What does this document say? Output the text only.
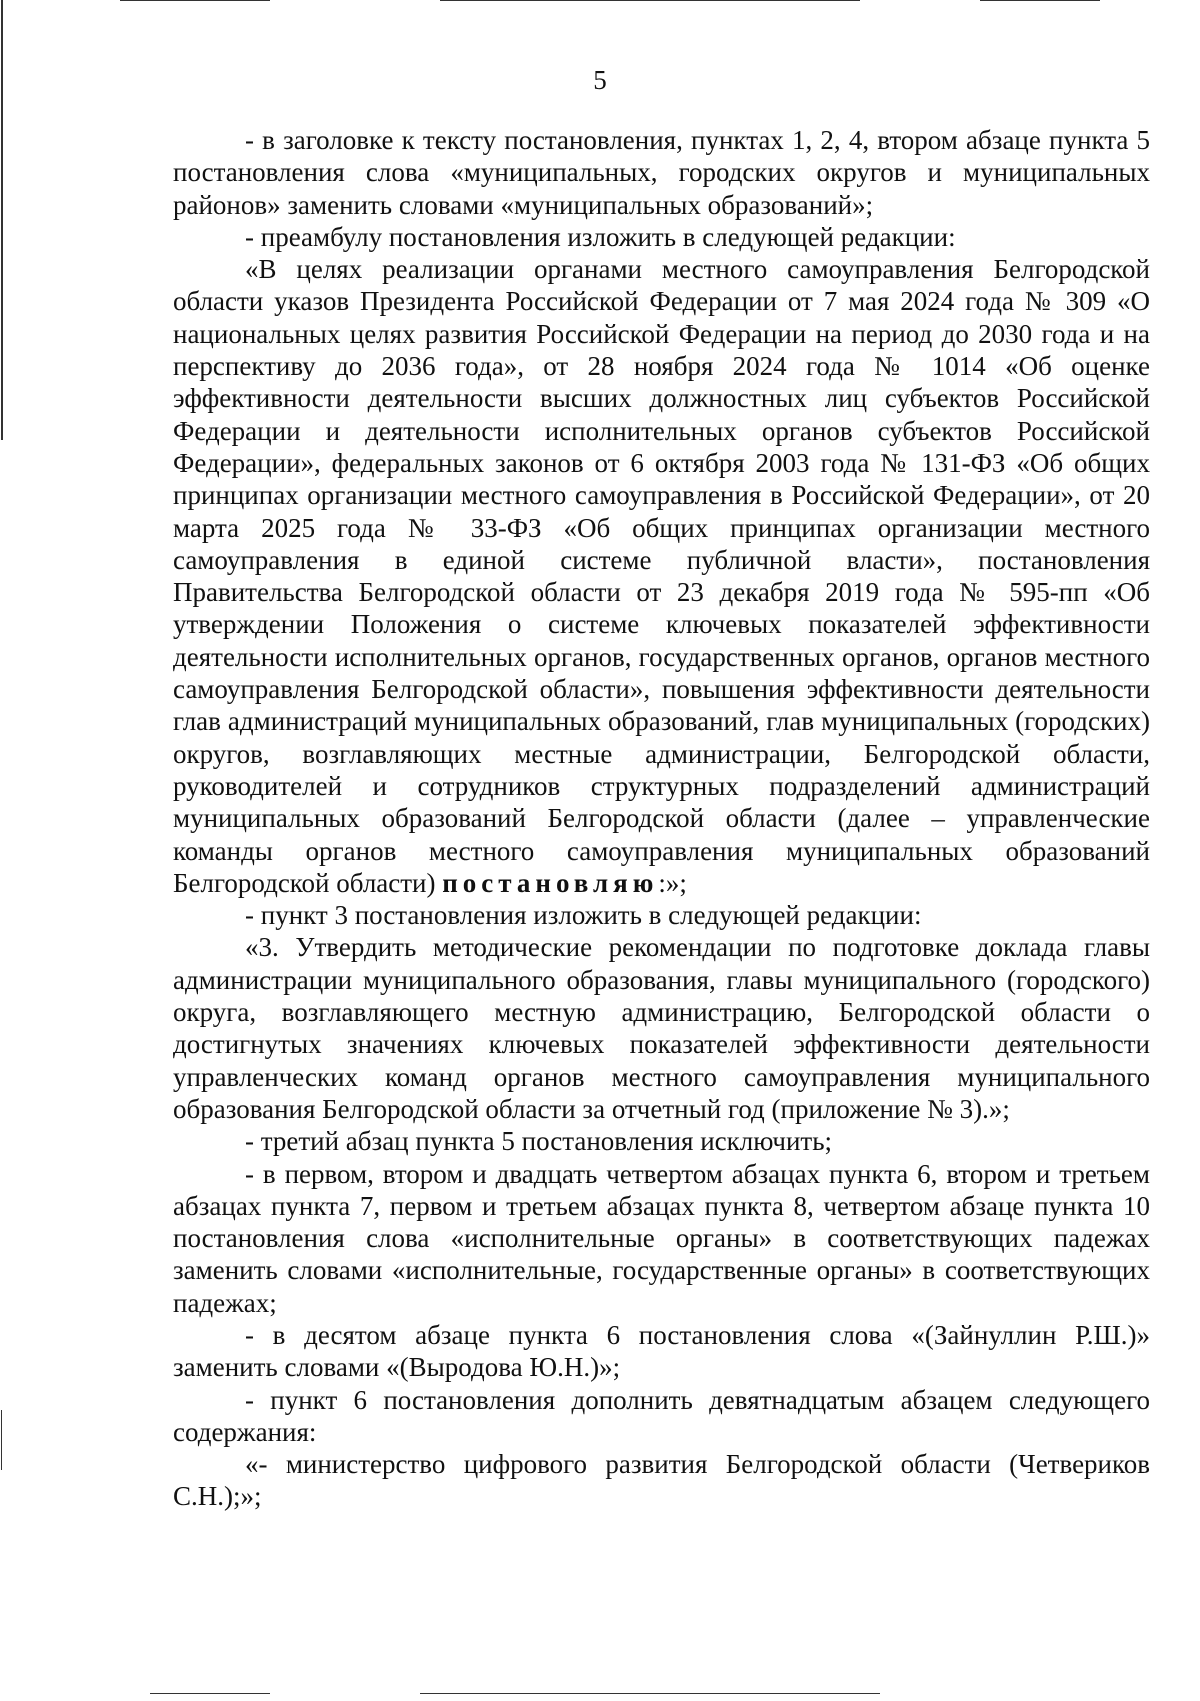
5

- в заголовке к тексту постановления, пунктах 1, 2, 4, втором абзаце пункта 5 постановления слова «муниципальных, городских округов и муниципальных районов» заменить словами «муниципальных образований»;

- преамбулу постановления изложить в следующей редакции:

«В целях реализации органами местного самоуправления Белгородской области указов Президента Российской Федерации от 7 мая 2024 года № 309 «О национальных целях развития Российской Федерации на период до 2030 года и на перспективу до 2036 года», от 28 ноября 2024 года № 1014 «Об оценке эффективности деятельности высших должностных лиц субъектов Российской Федерации и деятельности исполнительных органов субъектов Российской Федерации», федеральных законов от 6 октября 2003 года № 131-ФЗ «Об общих принципах организации местного самоуправления в Российской Федерации», от 20 марта 2025 года № 33-ФЗ «Об общих принципах организации местного самоуправления в единой системе публичной власти», постановления Правительства Белгородской области от 23 декабря 2019 года № 595-пп «Об утверждении Положения о системе ключевых показателей эффективности деятельности исполнительных органов, государственных органов, органов местного самоуправления Белгородской области», повышения эффективности деятельности глав администраций муниципальных образований, глав муниципальных (городских) округов, возглавляющих местные администрации, Белгородской области, руководителей и сотрудников структурных подразделений администраций муниципальных образований Белгородской области (далее – управленческие команды органов местного самоуправления муниципальных образований Белгородской области) постановляю:»;

- пункт 3 постановления изложить в следующей редакции:

«3. Утвердить методические рекомендации по подготовке доклада главы администрации муниципального образования, главы муниципального (городского) округа, возглавляющего местную администрацию, Белгородской области о достигнутых значениях ключевых показателей эффективности деятельности управленческих команд органов местного самоуправления муниципального образования Белгородской области за отчетный год (приложение № 3).»;

- третий абзац пункта 5 постановления исключить;

- в первом, втором и двадцать четвертом абзацах пункта 6, втором и третьем абзацах пункта 7, первом и третьем абзацах пункта 8, четвертом абзаце пункта 10 постановления слова «исполнительные органы» в соответствующих падежах заменить словами «исполнительные, государственные органы» в соответствующих падежах;

- в десятом абзаце пункта 6 постановления слова «(Зайнуллин Р.Ш.)» заменить словами «(Выродова Ю.Н.)»;

- пункт 6 постановления дополнить девятнадцатым абзацем следующего содержания:

«- министерство цифрового развития Белгородской области (Четвериков С.Н.);»;
